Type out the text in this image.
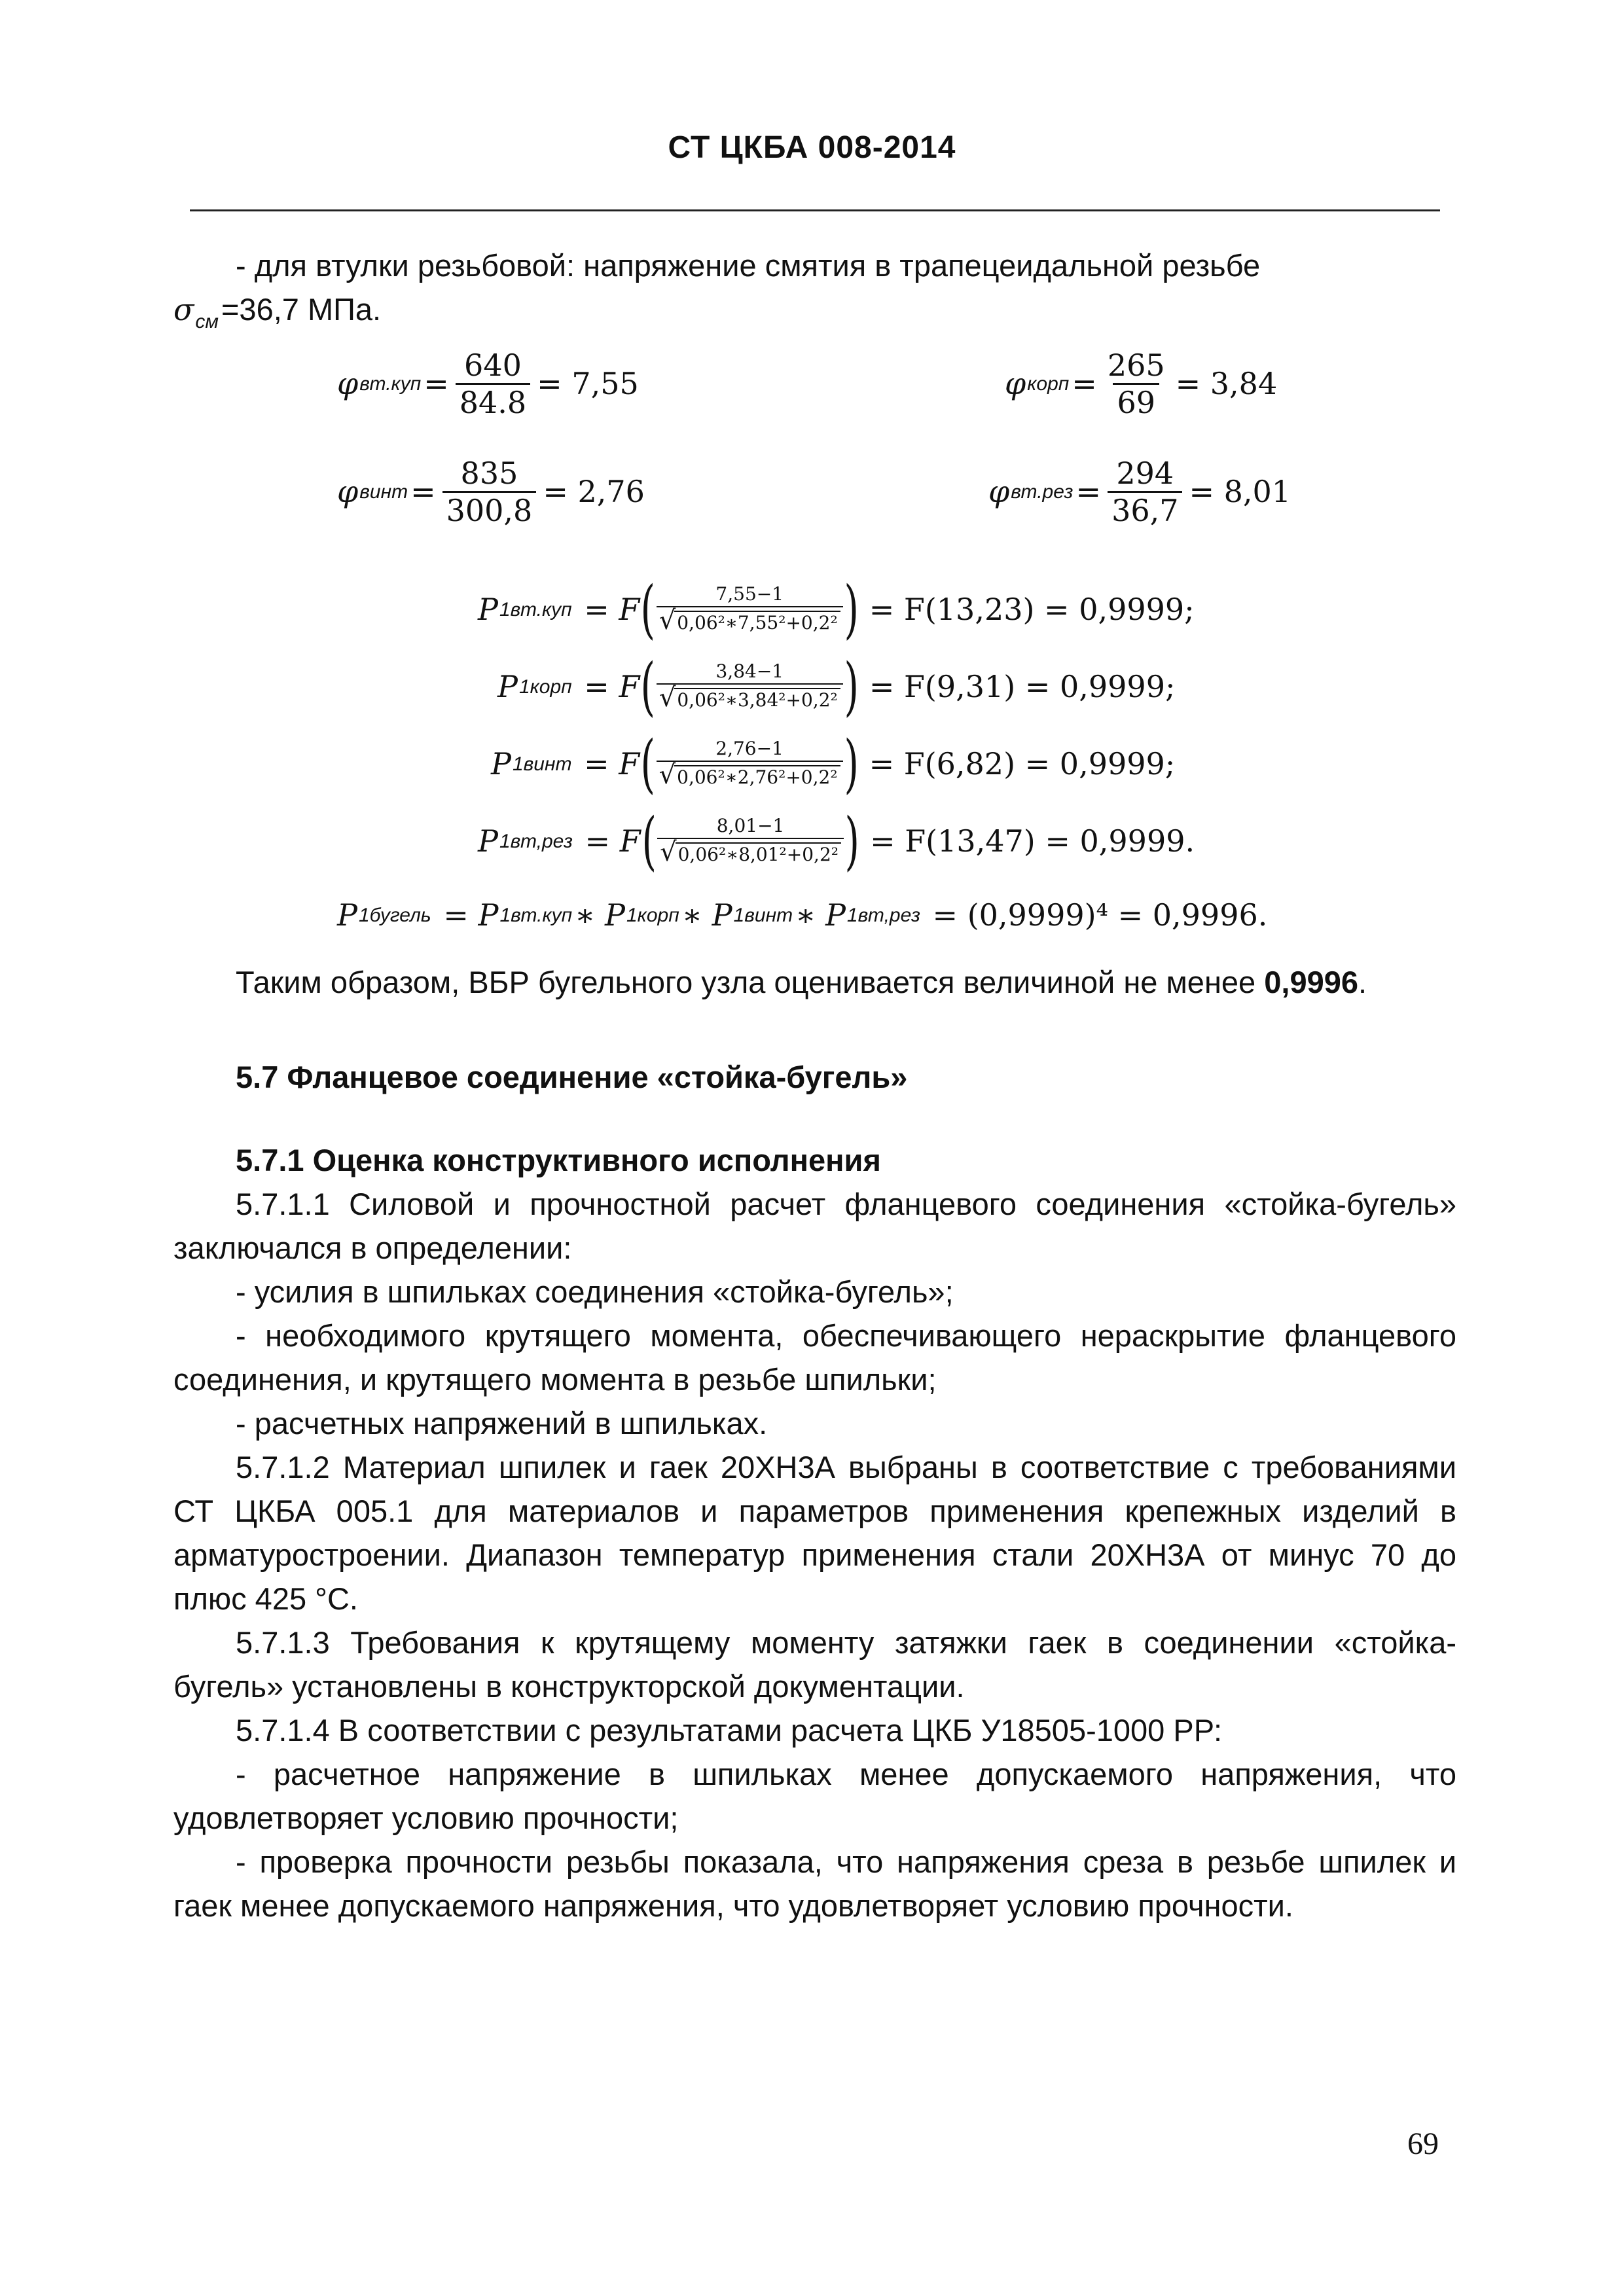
СТ ЦКБА 008-2014

- для втулки резьбовой: напряжение смятия в трапецеидальной резьбе
$\sigma_{см}=36,7$ МПа.

φ $вт.куп = \frac{640}{84.8} = 7,55$	φ корп = $\frac{265}{69} = 3,84$
φ винт = $\frac{835}{300,8} = 2,76$	φ $вт.рез = \frac{294}{36,7} = 8,01$
P 1вт.куп = F ( $\frac{7,55-1}{\text{√0,06²∗7,55²+0,2²}}$ )
= F(13,23) = 0,9999;
P 1корп = F ( $\frac{3,84-1}{\text{√0,06²∗3,84²+0,2²}}$ )
= F(9,31) = 0,9999;
P 1винт = F ( $\frac{2,76-1}{\text{√0,06²∗2,76²+0,2²}}$ )
= F(6,82) = 0,9999;
P 1вт,рез = F ( $\frac{8,01-1}{\text{√0,06²∗8,01²+0,2²}}$ )
= F(13,47) = 0,9999.
P 1бугель = P 1вт.куп ∗ P 1корп ∗ P 1винт ∗ P 1вт,рез
= (0,9999)⁴ = 0,9996.

Таким образом, ВБР бугельного узла оценивается величиной не менее 0,9996.

5.7 Фланцевое соединение «стойка-бугель»

5.7.1 Оценка конструктивного исполнения

5.7.1.1 Силовой и прочностной расчет фланцевого соединения «стойка-бугель» заключался в определении:

- усилия в шпильках соединения «стойка-бугель»;

- необходимого крутящего момента, обеспечивающего нераскрытие фланцевого соединения, и крутящего момента в резьбе шпильки;

- расчетных напряжений в шпильках.

5.7.1.2 Материал шпилек и гаек 20ХН3А выбраны в соответствие с требованиями СТ ЦКБА 005.1 для материалов и параметров применения крепежных изделий в арматуростроении. Диапазон температур применения стали 20ХН3А от минус 70 до плюс 425 °С.

5.7.1.3 Требования к крутящему моменту затяжки гаек в соединении «стойка-бугель» установлены в конструкторской документации.

5.7.1.4 В соответствии с результатами расчета ЦКБ У18505-1000 РР:

- расчетное напряжение в шпильках менее допускаемого напряжения, что удовлетворяет условию прочности;

- проверка прочности резьбы показала, что напряжения среза в резьбе шпилек и гаек менее допускаемого напряжения, что удовлетворяет условию прочности.

69
